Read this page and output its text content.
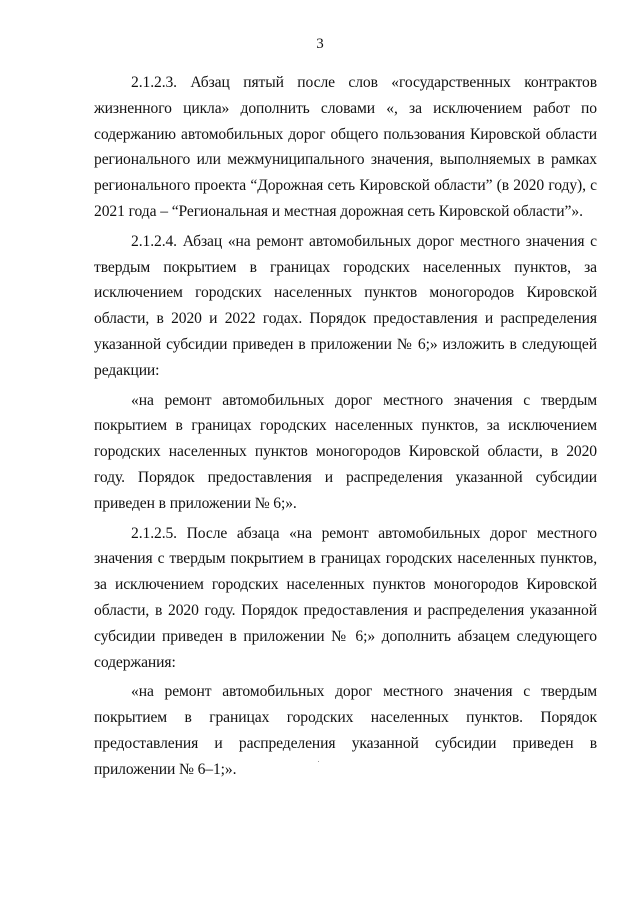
3

2.1.2.3. Абзац пятый после слов «государственных контрактов жизненного цикла» дополнить словами «, за исключением работ по содержанию автомобильных дорог общего пользования Кировской области регионального или межмуниципального значения, выполняемых в рамках регионального проекта “Дорожная сеть Кировской области” (в 2020 году), с 2021 года – “Региональная и местная дорожная сеть Кировской области”».

2.1.2.4. Абзац «на ремонт автомобильных дорог местного значения с твердым покрытием в границах городских населенных пунктов, за исключением городских населенных пунктов моногородов Кировской области, в 2020 и 2022 годах. Порядок предоставления и распределения указанной субсидии приведен в приложении № 6;» изложить в следующей редакции:

«на ремонт автомобильных дорог местного значения с твердым покрытием в границах городских населенных пунктов, за исключением городских населенных пунктов моногородов Кировской области, в 2020 году. Порядок предоставления и распределения указанной субсидии приведен в приложении № 6;».

2.1.2.5. После абзаца «на ремонт автомобильных дорог местного значения с твердым покрытием в границах городских населенных пунктов, за исключением городских населенных пунктов моногородов Кировской области, в 2020 году. Порядок предоставления и распределения указанной субсидии приведен в приложении № 6;» дополнить абзацем следующего содержания:

«на ремонт автомобильных дорог местного значения с твердым покрытием в границах городских населенных пунктов. Порядок предоставления и распределения указанной субсидии приведен в приложении № 6–1;».
